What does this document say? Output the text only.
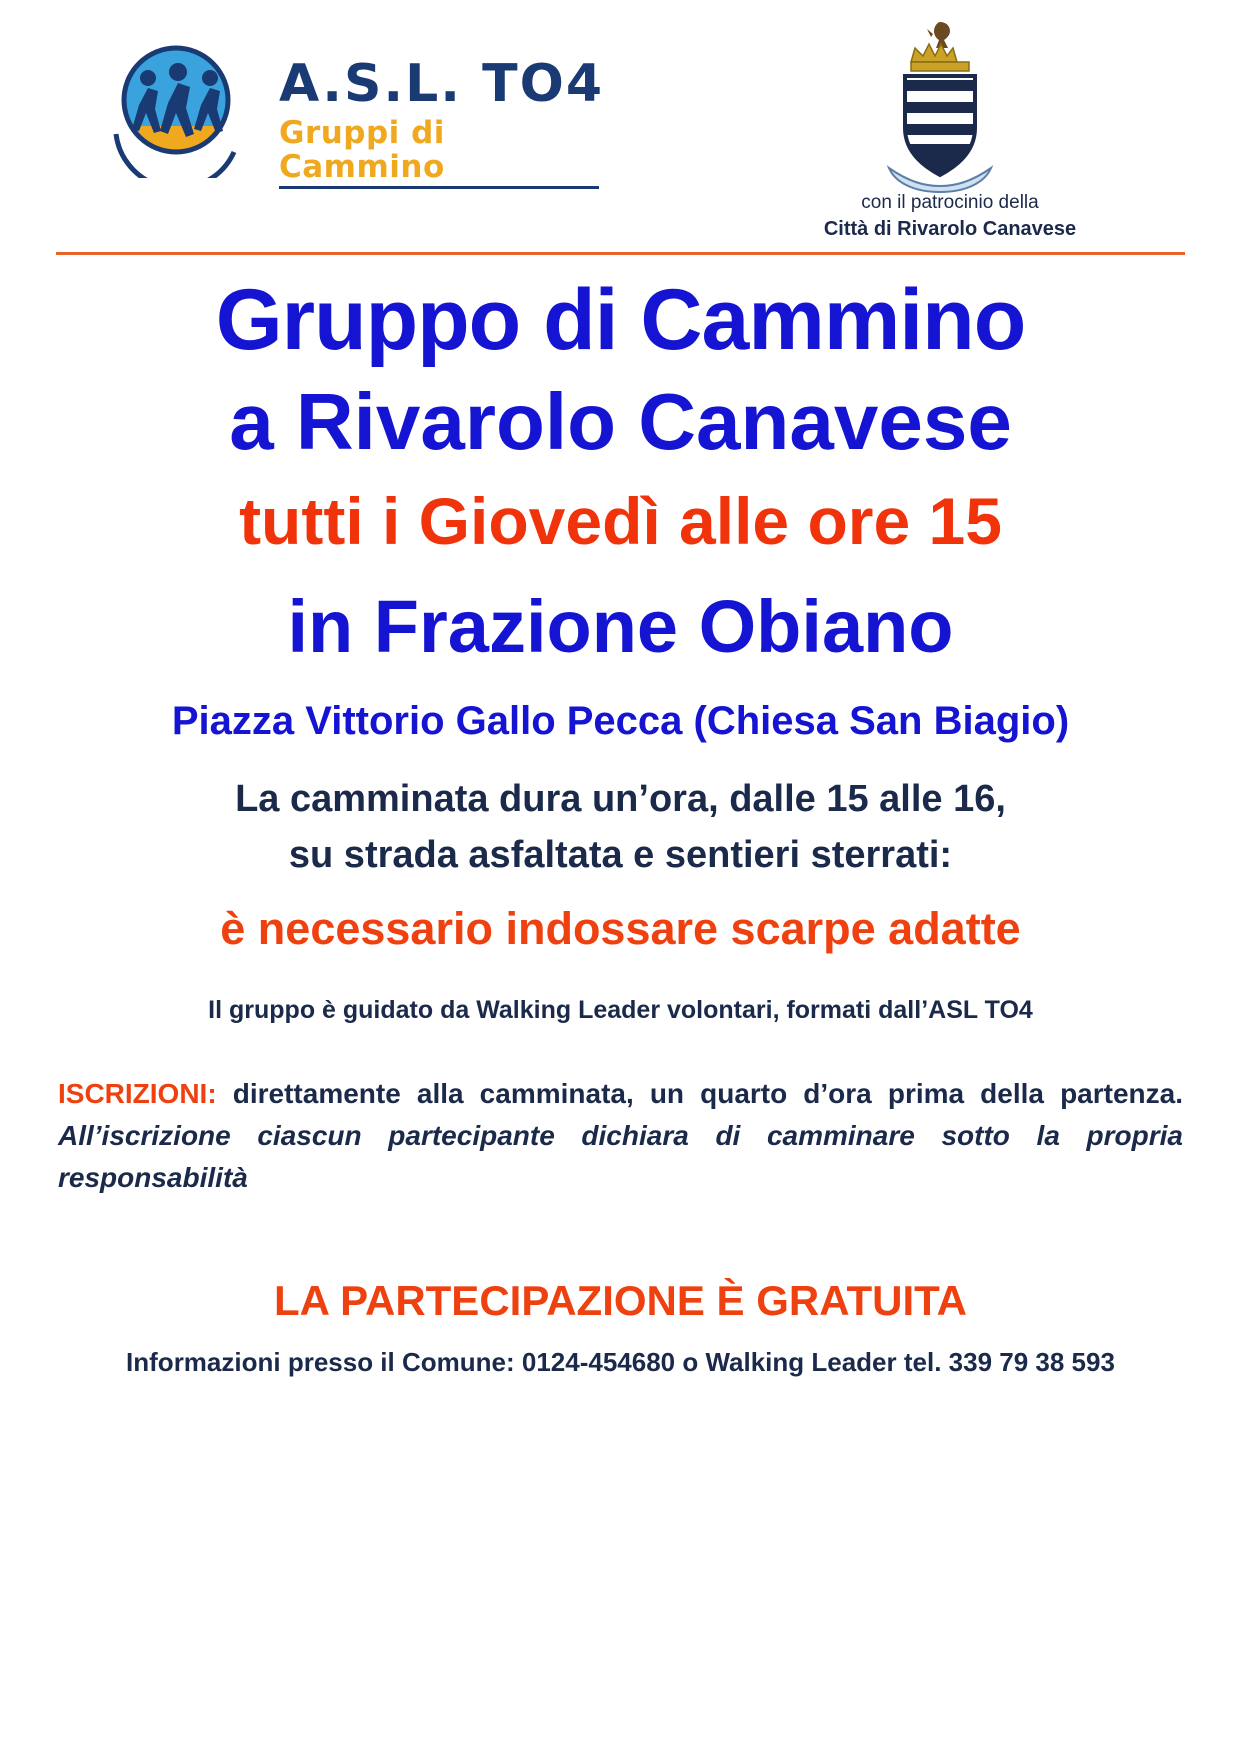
A.S.L. TO4
Gruppi di Cammino
con il patrocinio della
Città di Rivarolo Canavese
Gruppo di Cammino
a Rivarolo Canavese
tutti i Giovedì alle ore 15
in Frazione Obiano
Piazza Vittorio Gallo Pecca (Chiesa San Biagio)
La camminata dura un’ora, dalle 15 alle 16,
su strada asfaltata e sentieri sterrati:
è necessario indossare scarpe adatte
Il gruppo è guidato da Walking Leader volontari, formati dall’ASL TO4
ISCRIZIONI: direttamente alla camminata, un quarto d’ora prima della partenza. All’iscrizione ciascun partecipante dichiara di camminare sotto la propria responsabilità
LA PARTECIPAZIONE È GRATUITA
Informazioni presso il Comune: 0124-454680 o Walking Leader tel. 339 79 38 593
